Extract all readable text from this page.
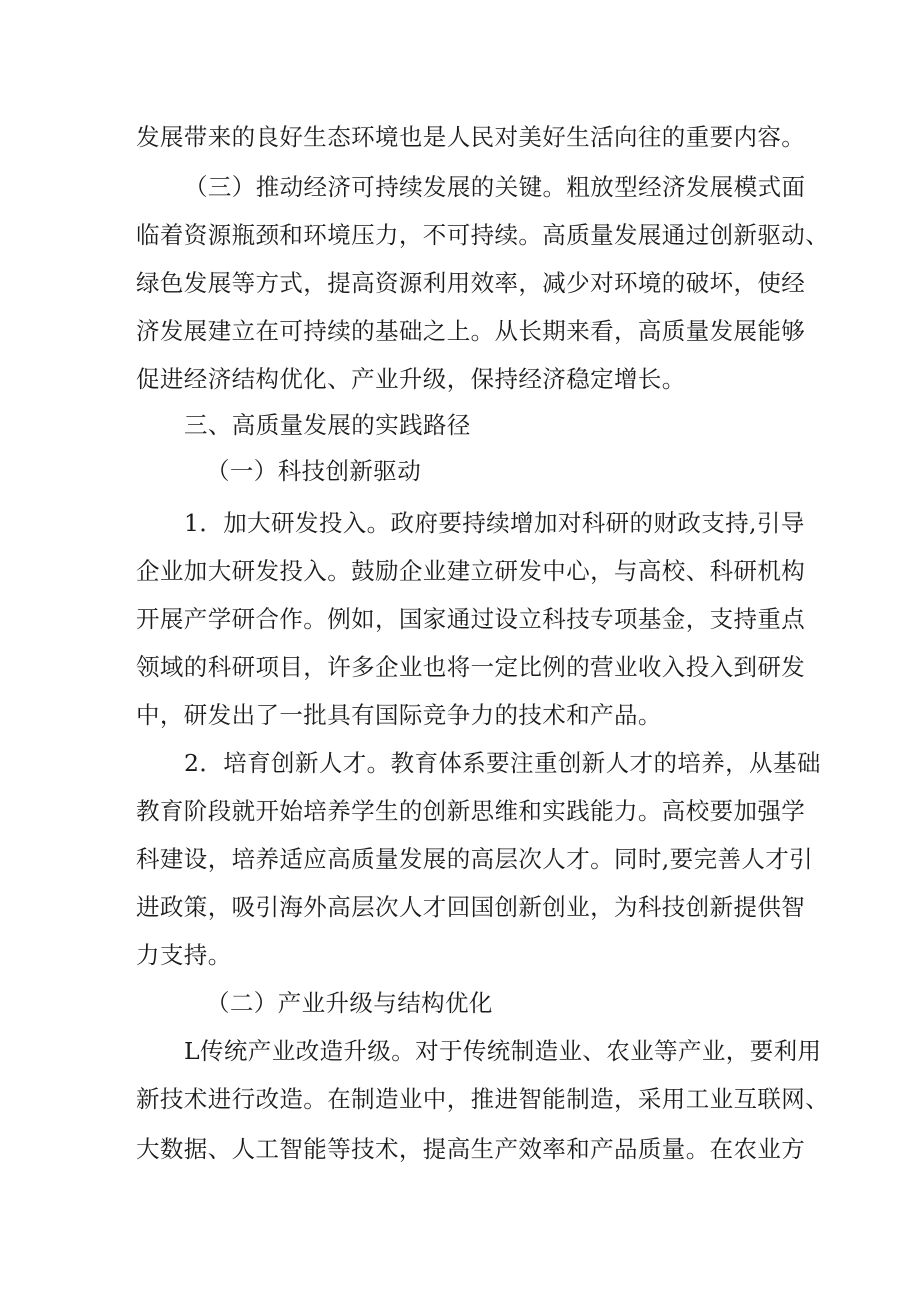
发展带来的良好生态环境也是人民对美好生活向往的重要内容。
（三）推动经济可持续发展的关键。粗放型经济发展模式面
临着资源瓶颈和环境压力，不可持续。高质量发展通过创新驱动、
绿色发展等方式，提高资源利用效率，减少对环境的破坏，使经
济发展建立在可持续的基础之上。从长期来看，高质量发展能够
促进经济结构优化、产业升级，保持经济稳定增长。
三、高质量发展的实践路径
（一）科技创新驱动
1．加大研发投入。政府要持续增加对科研的财政支持,引导
企业加大研发投入。鼓励企业建立研发中心，与高校、科研机构
开展产学研合作。例如，国家通过设立科技专项基金，支持重点
领域的科研项目，许多企业也将一定比例的营业收入投入到研发
中，研发出了一批具有国际竞争力的技术和产品。
2．培育创新人才。教育体系要注重创新人才的培养，从基础
教育阶段就开始培养学生的创新思维和实践能力。高校要加强学
科建设，培养适应高质量发展的高层次人才。同时,要完善人才引
进政策，吸引海外高层次人才回国创新创业，为科技创新提供智
力支持。
（二）产业升级与结构优化
L传统产业改造升级。对于传统制造业、农业等产业，要利用
新技术进行改造。在制造业中，推进智能制造，采用工业互联网、
大数据、人工智能等技术，提高生产效率和产品质量。在农业方
